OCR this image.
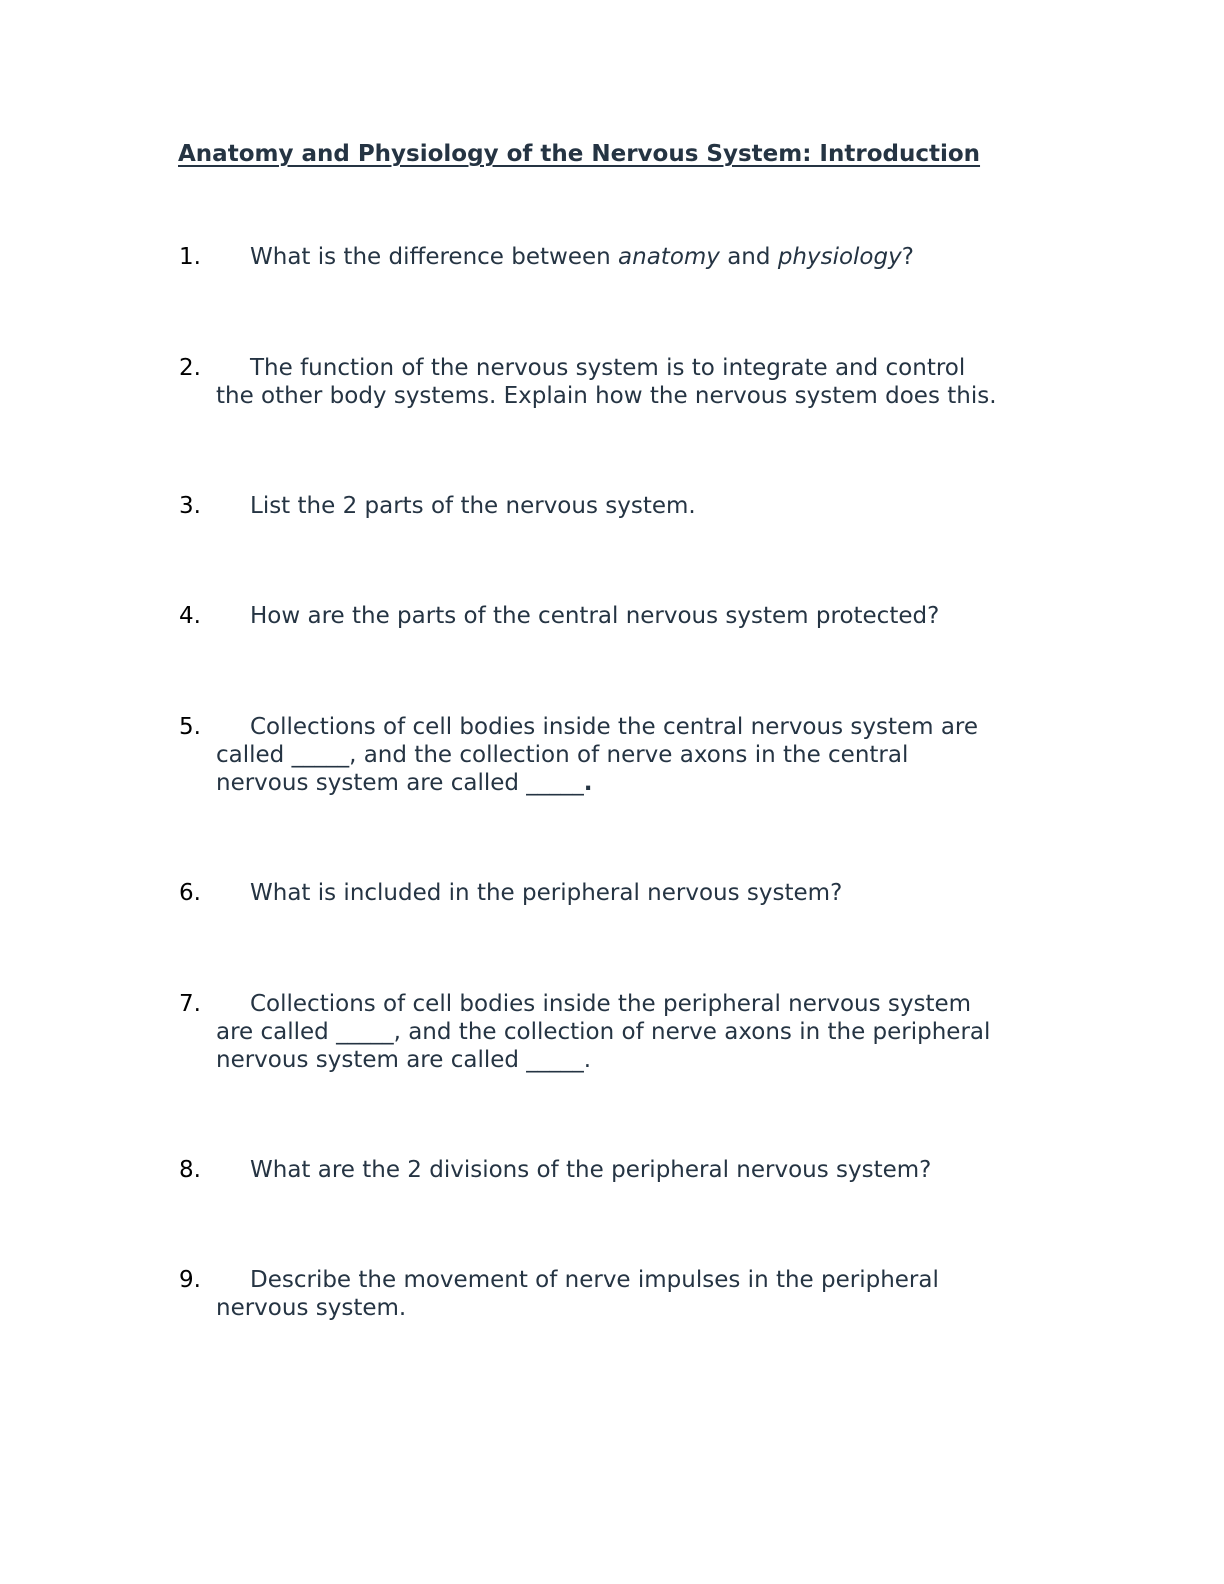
Anatomy and Physiology of the Nervous System: Introduction
1. What is the difference between anatomy and physiology?
2. The function of the nervous system is to integrate and control
the other body systems. Explain how the nervous system does this.
3. List the 2 parts of the nervous system.
4. How are the parts of the central nervous system protected?
5. Collections of cell bodies inside the central nervous system are
called _____, and the collection of nerve axons in the central
nervous system are called _____.
6. What is included in the peripheral nervous system?
7. Collections of cell bodies inside the peripheral nervous system
are called _____, and the collection of nerve axons in the peripheral
nervous system are called _____.
8. What are the 2 divisions of the peripheral nervous system?
9. Describe the movement of nerve impulses in the peripheral
nervous system.
